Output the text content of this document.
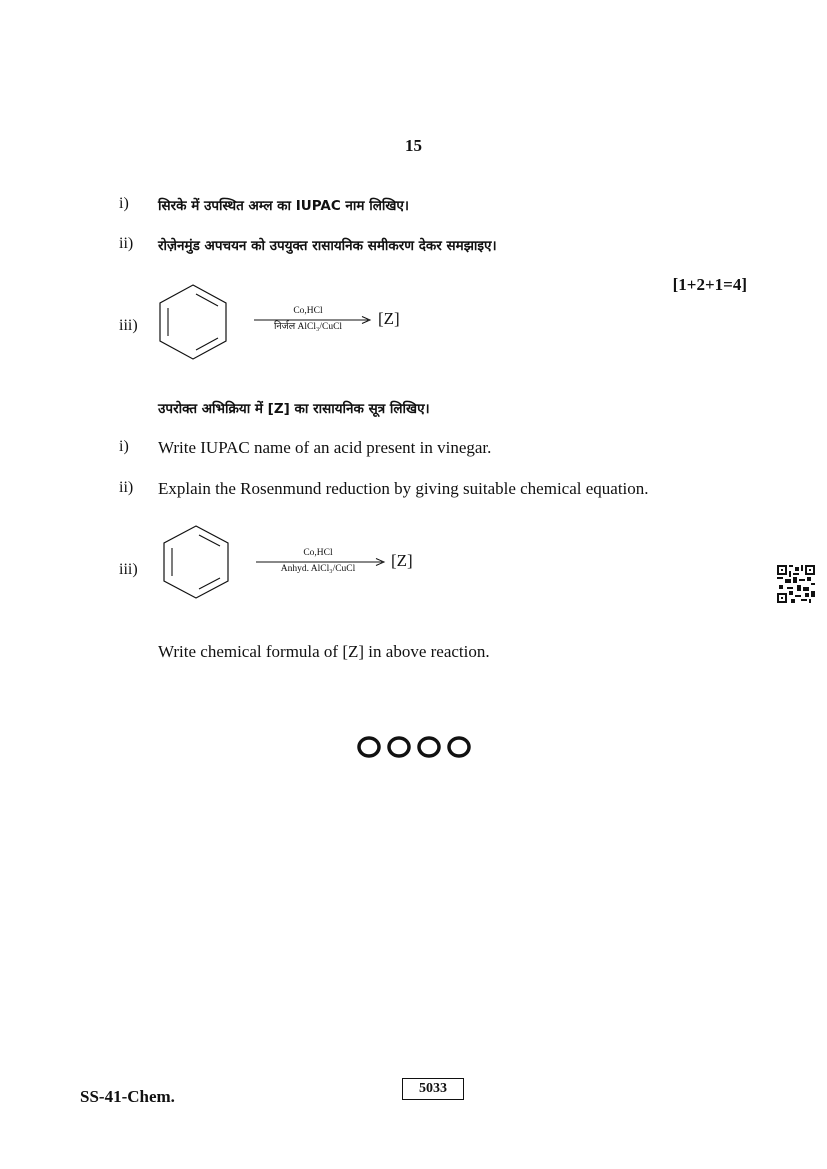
15
i) सिरके में उपस्थित अम्ल का IUPAC नाम लिखिए।
ii) रोज़ेनमुंड अपचयन को उपयुक्त रासायनिक समीकरण देकर समझाइए।
[1+2+1=4]
iii)
Co,HCl
निर्जल AlCl₃/CuCl	[Z]
उपरोक्त अभिक्रिया में [Z] का रासायनिक सूत्र लिखिए।
i) Write IUPAC name of an acid present in vinegar.
ii) Explain the Rosenmund reduction by giving suitable chemical equation.
iii)
Co,HCl
Anhyd. AlCl₃/CuCl	[Z]
Write chemical formula of [Z] in above reaction.
SS-41-Chem.	5033
